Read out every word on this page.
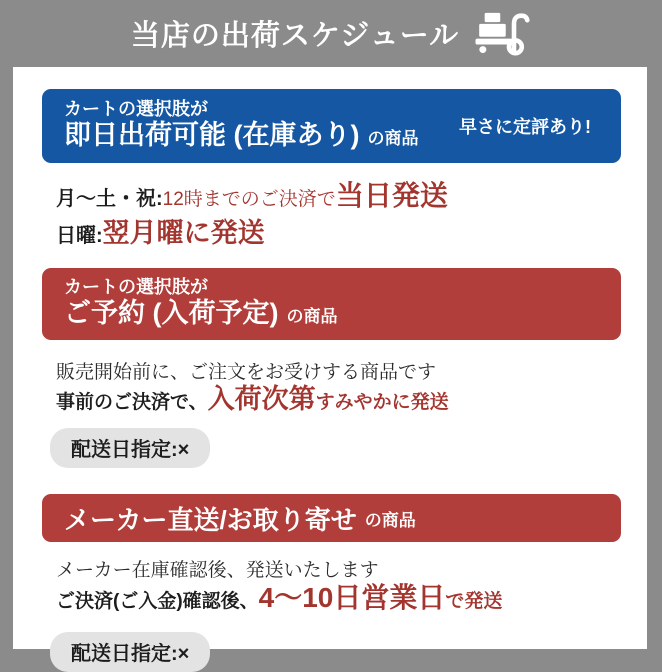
当店の出荷スケジュール
カートの選択肢が
即日出荷可能 (在庫あり) の商品
早さに定評あり!

月〜土・祝:12時までのご決済で当日発送

日曜:翌月曜に発送

カートの選択肢が
ご予約 (入荷予定) の商品

販売開始前に、ご注文をお受けする商品です

事前のご決済で、入荷次第すみやかに発送

配送日指定:×
メーカー直送/お取り寄せ の商品

メーカー在庫確認後、発送いたします

ご決済(ご入金)確認後、4〜10日営業日で発送

配送日指定:×
